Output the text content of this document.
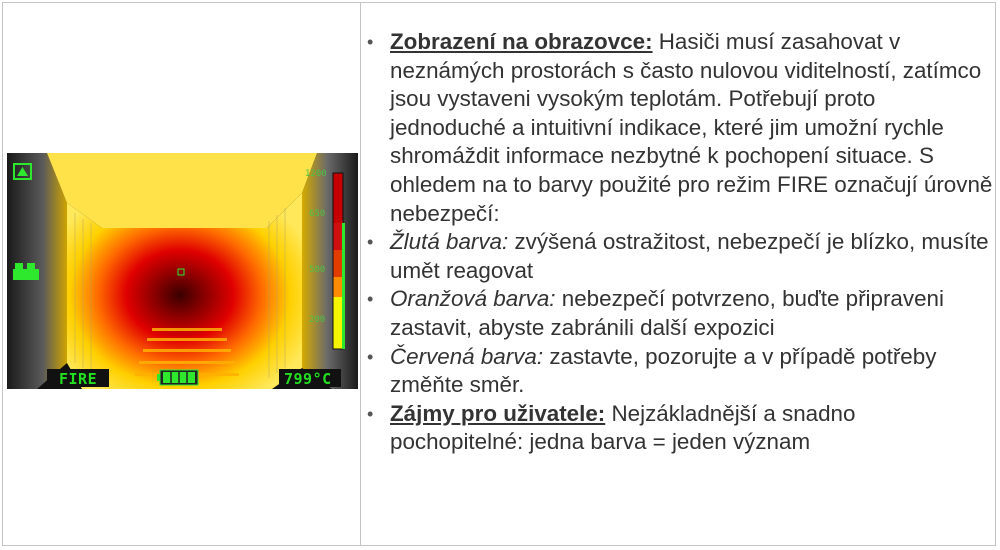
FIRE	799°C
1200
650
500
200

• Zobrazení na obrazovce: Hasiči musí zasahovat v neznámých prostorách s často nulovou viditelností, zatímco jsou vystaveni vysokým teplotám. Potřebují proto jednoduché a intuitivní indikace, které jim umožní rychle shromáždit informace nezbytné k pochopení situace. S ohledem na to barvy použité pro režim FIRE označují úrovně nebezpečí:

• Žlutá barva: zvýšená ostražitost, nebezpečí je blízko, musíte umět reagovat

• Oranžová barva: nebezpečí potvrzeno, buďte připraveni zastavit, abyste zabránili další expozici

• Červená barva: zastavte, pozorujte a v případě potřeby změňte směr.

• Zájmy pro uživatele: Nejzákladnější a snadno pochopitelné: jedna barva = jeden význam
